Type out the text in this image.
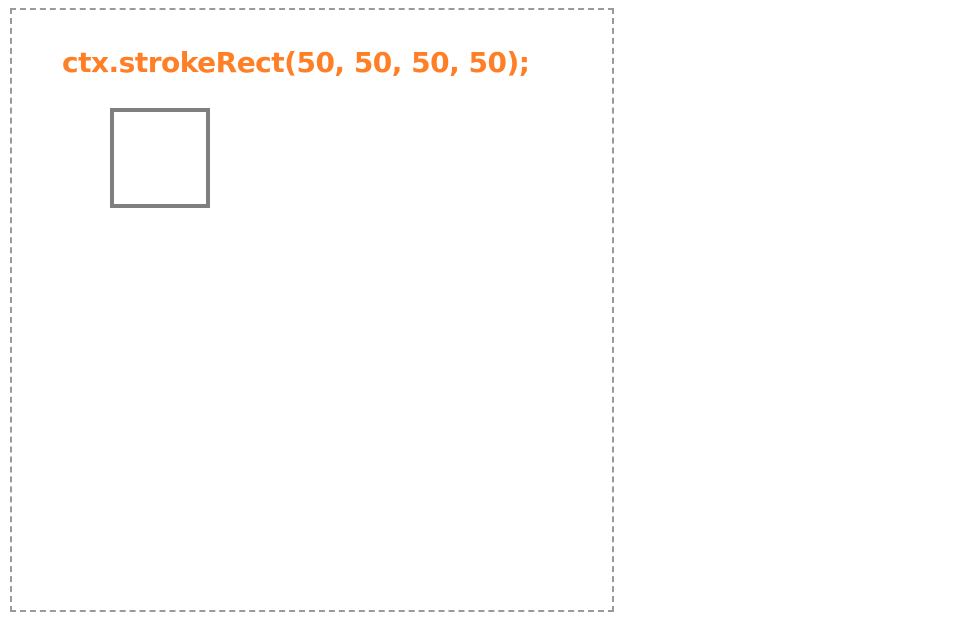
ctx.strokeRect(50, 50, 50, 50);
